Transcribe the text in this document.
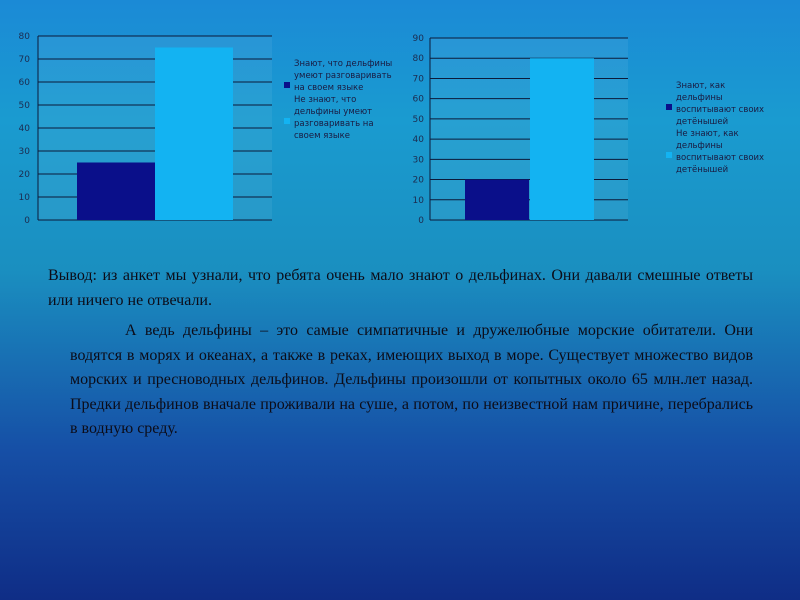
0
10
20
30
40
50
60
70
80
0
10
20
30
40
50
60
70
80
90
Знают, что дельфины умеют разговаривать на своем языке
Не знают, что дельфины умеют разговаривать на своем языке
Знают, как дельфины воспитывают своих детёнышей
Не знают, как дельфины воспитывают своих детёнышей

Вывод: из анкет мы узнали, что ребята очень мало знают о дельфинах. Они давали смешные ответы или ничего не отвечали.

А ведь дельфины – это самые симпатичные и дружелюбные морские обитатели. Они водятся в морях и океанах, а также в реках, имеющих выход в море. Существует множество видов морских и пресноводных дельфинов. Дельфины произошли от копытных около 65 млн.лет назад. Предки дельфинов вначале проживали на суше, а потом, по неизвестной нам причине, перебрались в водную среду.
